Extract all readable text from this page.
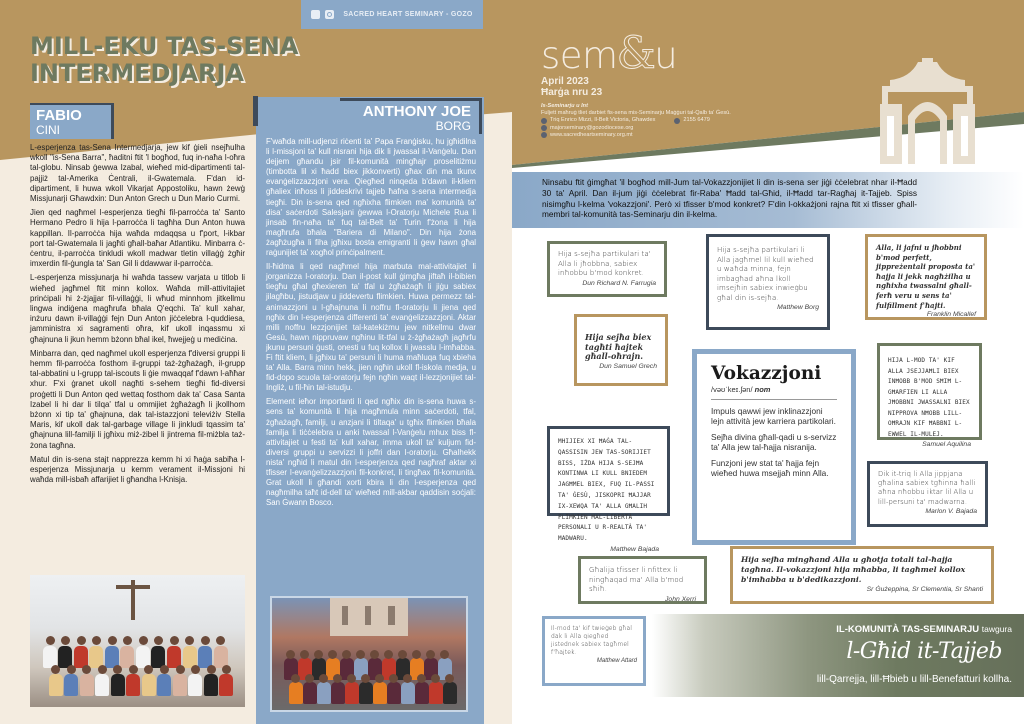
SACRED HEART SEMINARY - GOZO
MILL-EKU TAS-SENA
INTERMEDJARJA
FABIO
CINI

L-esperjenza tas-Sena Intermedjarja, jew kif ġieli nsejħulha wkoll "is-Sena Barra", ħaditni ftit 'l bogħod, fuq in-naħa l-oħra tal-globu. Ninsab ġewwa Izabal, wieħed mid-dipartimenti tal-pajjiż tal-Amerika Ċentrali, il-Gwatemala. F'dan id-dipartiment, li huwa wkoll Vikarjat Appostoliku, hawn żewġ Missjunarji Għawdxin: Dun Anton Grech u Dun Mario Curmi.

Jien qed nagħmel l-esperjenza tiegħi fil-parroċċa ta' Santo Hermano Pedro li hija l-parroċċa li tagħha Dun Anton huwa kappillan. Il-parroċċa hija waħda mdaqqsa u f'port, l-ikbar port tal-Gwatemala li jagħti għall-baħar Atlantiku. Minbarra ċ-ċentru, il-parroċċa tinkludi wkoll madwar tletin villaġġ żgħir imxerdin fil-ġungla ta' San Gil li ddawwar il-parroċċa.

L-esperjenza missjunarja hi waħda tassew varjata u titlob li wieħed jagħmel ftit minn kollox. Waħda mill-attivitajiet prinċipali hi ż-żjajjar fil-villaġġi, li wħud minnhom jitkellmu lingwa indiġena magħrufa bħala Q'eqchi. Ta' kull xahar, inżuru dawn il-villaġġi fejn Dun Anton jiċċelebra l-quddiesa, jamministra xi sagramenti oħra, kif ukoll inqassmu xi għajnuna li jkun hemm bżonn bħal ikel, ħwejjeġ u mediċina.

Minbarra dan, qed nagħmel ukoll esperjenza f'diversi gruppi li hemm fil-parroċċa fosthom il-gruppi taż-żgħażagħ, il-grupp tal-abbatini u l-grupp tal-iscouts li ġie mwaqqaf f'dawn l-aħħar xhur. F'xi ġranet ukoll nagħti s-sehem tiegħi fid-diversi proġetti li Dun Anton qed wettaq fosthom dak ta' Casa Santa Izabel li hi dar li tilqa' tfal u ommijiet żgħażagħ li jkollhom bżonn xi tip ta' għajnuna, dak tal-istazzjoni televiżiv Stella Maris, kif ukoll dak tal-garbage village li jinkludi tqassim ta' għajnuna lill-familji li jgħixu miż-żibel li jintrema fil-miżbla taż-żona tagħna.

Matul din is-sena stajt napprezza kemm hi xi ħaġa sabiħa l-esperjenza Missjunarja u kemm verament il-Missjoni hi waħda mill-isbaħ affarijiet li għandha l-Knisja.

ANTHONY JOE
BORG

F'waħda mill-udjenzi riċenti ta' Papa Franġisku, hu jgħidilna li l-missjoni ta' kull nisrani hija dik li jwassal il-Vanġelu. Dan dejjem għandu jsir fil-komunità mingħajr proselitiżmu (timbotta lil xi ħadd biex jikkonverti) għax din ma tkunx evanġelizzazzjoni vera. Qiegħed ninqeda b'dawn il-kliem għaliex inħoss li jiddeskrivi tajjeb ħafna s-sena intermedja tiegħi. Din is-sena qed ngħixha flimkien ma' komunità ta' disa' saċerdoti Salesjani ġewwa l-Oratorju Michele Rua li jinsab fin-naħa ta' fuq tal-Belt ta' Turin f'żona li hija magħrufa bħala "Bariera di Milano". Din hija żona żagħżugħa li fiha jgħixu bosta emigranti li ġew hawn għal raġunijiet ta' xogħol prinċipalment.

Il-ħidma li qed nagħmel hija marbuta mal-attivitajiet li jorganizza l-oratorju. Dan il-post kull ġimgħa jiftaħ il-bibien tiegħu għal għexieren ta' tfal u żgħażagħ li jiġu sabiex jilagħbu, jistudjaw u jiddevertu flimkien. Huwa permezz tal-animazzjoni u l-għajnuna li noffru fl-oratorju li jiena qed ngħix din l-esperjenza differenti ta' evanġelizzazzjoni. Aktar milli noffru lezzjonijiet tal-katekiżmu jew nitkellmu dwar Ġesù, hawn nippruvaw ngħinu lit-tfal u ż-żgħażagħ jagħrfu jkunu persuni ġusti, onesti u fuq kollox li jwasslu l-imħabba. Fi ftit kliem, li jgħixu ta' persuni li huma maħluqa fuq xbieha ta' Alla. Barra minn hekk, jien ngħin ukoll fl-iskola medja, u fid-dopo scuola tal-oratorju fejn ngħin waqt il-lezzjonijiet tal-Ingliż, u fil-ħin tal-istudju.

Element ieħor importanti li qed ngħix din is-sena huwa s-sens ta' komunità li hija magħmula minn saċerdoti, tfal, żgħażagħ, familji, u anzjani li tiltaqa' u tgħix flimkien bħala familja li tiċċelebra u anki twassal l-Vanġelu mhux biss fl-attivitajiet u festi ta' kull xahar, imma ukoll ta' kuljum fid-diversi gruppi u servizzi li joffri dan l-oratorju. Għalhekk nista' ngħid li matul din l-esperjenza qed nagħraf aktar xi tfisser l-evanġelizzazzjoni fil-konkret, li tingħax fil-komunità. Grat ukoll li għandi xorti kbira li din l-esperjenza qed nagħmilha taħt id-dell ta' wieħed mill-akbar qaddisin soċjali: San Ġwann Bosco.

sem&u
April 2023
Ħarġa nru 23
Is-Seminarju u Int
Fuljett maħruġ tliet darbiet fis-sena mis-Seminarju Maġġuri tal-Qalb ta' Ġesù.
Triq Enrico Mizzi, Il-Belt Victoria, Għawdex	2155 6479
majorseminary@gozodiocese.org
www.sacredheartseminary.org.mt
Ninsabu ftit ġimgħat 'il bogħod mill-Jum tal-Vokazzjonijiet li din is-sena ser jiġi ċċelebrat nhar il-Ħadd 30 ta' April. Dan il-jum jiġi ċċelebrat fir-Raba' Ħadd tal-Għid, il-Ħadd tar-Ragħaj it-Tajjeb. Spiss nisimgħu l-kelma 'vokazzjoni'. Però xi tfisser b'mod konkret? F'din l-okkażjoni rajna ftit xi tfisser għall-membri tal-komunità tas-Seminarju din il-kelma.
Hija s-sejħa partikulari ta' Alla li jħobbna, sabiex inħobbu b'mod konkret.
Dun Richard N. Farrugia
Hija s-sejħa partikulari li Alla jagħmel lil kull wieħed u waħda minna, fejn imbagħad aħna lkoll imsejħin sabiex inwieġbu għal din is-sejħa.
Matthew Borg
Alla, li jafni u jħobbni b'mod perfett, jippreżentali proposta ta' ħajja li jekk nagħżilha u ngħixha twassalni għall-ferħ veru u sens ta' fulfillment f'ħajti.
Franklin Micallef
Hija sejħa biex tagħti ħajtek għall-oħrajn.
Dun Samuel Grech
HIJA L-MOD TA' KIF ALLA JSEJJAĦLI BIEX INĦOBB B'MOD SĦIĦ L-GĦARFIEN LI ALLA JĦOBBNI JWASSALNI BIEX NIPPROVA NĦOBB LILL-OĦRAJN KIF ĦABBNI L-EWWEL IL-MULEJ.
Samuel Aquilina
MHIJIEX XI ĦAĠA TAL-QASSISIN JEW TAS-SORIJIET BISS, IŻDA HIJA S-SEJĦA KONTINWA LI KULL BNIEDEM JAGĦMEL BIEX, FUQ IL-PASSI TA' ĠESÙ, JISKOPRI ĦAJJAR IX-XEWQA TA' ALLA GĦALIH FLIMKIEN MAL-LIBERTÀ PERSONALI U R-REALTÀ TA' MADWARU.
Matthew Bajada
Dik it-triq li Alla jippjana għalina sabiex tgħinna ħalli aħna nħobbu iktar lil Alla u lill-persuni ta' madwarna.
Marlon V. Bajada
Għalija tfisser li nfittex li ningħaqad ma' Alla b'mod sħiħ.
John Xerri
Hija sejħa mingħand Alla u għotja totali tal-ħajja tagħna. Il-vokazzjoni hija mħabba, li tagħmel kollox b'imħabba u b'dedikazzjoni.
Sr Ġużeppina, Sr Clementia, Sr Shanti
Il-mod ta' kif twieġeb għal dak li Alla qiegħed jistednek sabiex tagħmel f'ħajtek.
Matthew Attard
Vokazzjoni
/vəʊˈkeɪ.ʃən/ nom
Impuls qawwi jew inklinazzjoni lejn attività jew karriera partikolari.
Sejħa divina għall-qadi u s-servizz ta' Alla jew tal-ħajja nisranija.
Funzjoni jew stat ta' ħajja fejn wieħed huwa msejjaħ minn Alla.
IL-KOMUNITÀ TAS-SEMINARJU tawgura
l-Għid it-Tajjeb
lill-Qarrejja, lill-Ħbieb u lill-Benefatturi kollha.
